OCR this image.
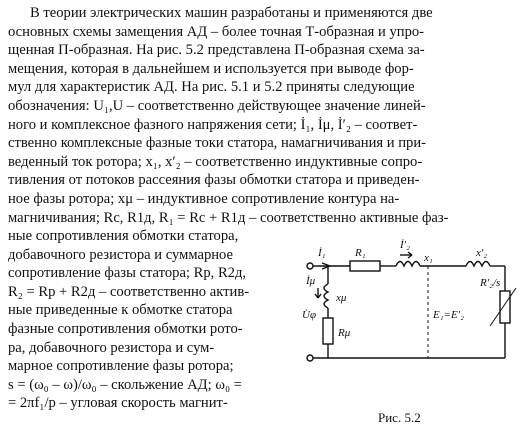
В теории электрических машин разработаны и применяются две
основных схемы замещения АД – более точная Т-образная и упро-
щенная П-образная. На рис. 5.2 представлена П-образная схема за-
мещения, которая в дальнейшем и используется при выводе фор-
мул для характеристик АД. На рис. 5.1 и 5.2 приняты следующие
обозначения: U₁,U – соответственно действующее значение линей-
ного и комплексное фазного напряжения сети; İ₁, İμ, İ′₂ – соответ-
ственно комплексные фазные токи статора, намагничивания и при-
веденный ток ротора; x₁, x′₂ – соответственно индуктивные сопро-
тивления от потоков рассеяния фазы обмотки статора и приведен-
ное фазы ротора; xμ – индуктивное сопротивление контура на-
магничивания; Rc, R1д, R₁ = Rc + R1д – соответственно активные фаз-
ные сопротивления обмотки статора,
добавочного резистора и суммарное
сопротивление фазы статора; Rp, R2д,
R₂ = Rp + R2д – соответственно актив-
ные приведенные к обмотке статора
фазные сопротивления обмотки рото-
ра, добавочного резистора и сум-
марное сопротивление фазы ротора;
s = (ω₀ – ω)/ω₀ – скольжение АД; ω₀ =
= 2πf₁/p – угловая скорость магнит-
İ₁	R₁
İ′₂
x₁	x′₂
İμ
xμ
Rμ
U̇φ	E₁=E′₂
R′₂/s
Рис. 5.2
